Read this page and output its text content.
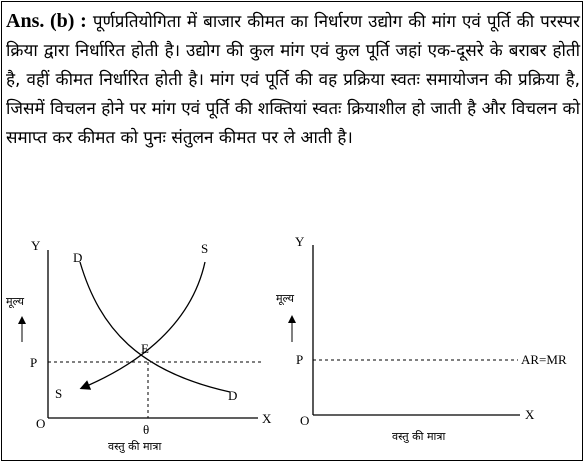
Ans. (b) : पूर्णप्रतियोगिता में बाजार कीमत का निर्धारण उद्योग की मांग एवं पूर्ति की परस्पर क्रिया द्वारा निर्धारित होती है। उद्योग की कुल मांग एवं कुल पूर्ति जहां एक-दूसरे के बराबर होती है, वहीं कीमत निर्धारित होती है। मांग एवं पूर्ति की वह प्रक्रिया स्वतः समायोजन की प्रक्रिया है, जिसमें विचलन होने पर मांग एवं पूर्ति की शक्तियां स्वतः क्रियाशील हो जाती है और विचलन को समाप्त कर कीमत को पुनः संतुलन कीमत पर ले आती है।
Y
X
O
मूल्य
P
D
S
E
S	D
θ
वस्तु की मात्रा
Y
X
O
मूल्य
P	AR=MR
वस्तु की मात्रा
